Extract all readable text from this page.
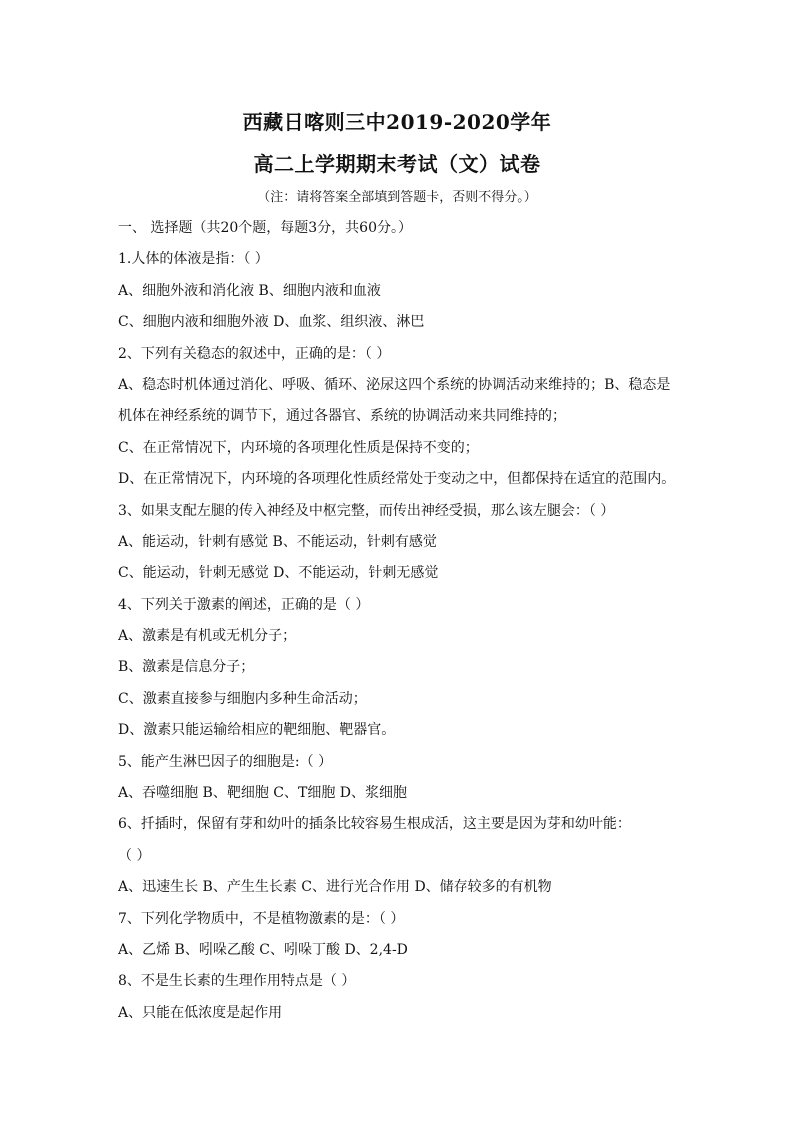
西藏日喀则三中2019-2020学年
高二上学期期末考试（文）试卷
（注：请将答案全部填到答题卡，否则不得分。）
一、 选择题（共20个题，每题3分，共60分。）
1.人体的体液是指：（ ）
A、细胞外液和消化液 B、细胞内液和血液
C、细胞内液和细胞外液 D、血浆、组织液、淋巴
2、下列有关稳态的叙述中，正确的是：（ ）
A、稳态时机体通过消化、呼吸、循环、泌尿这四个系统的协调活动来维持的；B、稳态是
机体在神经系统的调节下，通过各器官、系统的协调活动来共同维持的；
C、在正常情况下，内环境的各项理化性质是保持不变的；
D、在正常情况下，内环境的各项理化性质经常处于变动之中，但都保持在适宜的范围内。
3、如果支配左腿的传入神经及中枢完整，而传出神经受损，那么该左腿会：（ ）
A、能运动，针刺有感觉 B、不能运动，针刺有感觉
C、能运动，针刺无感觉 D、不能运动，针刺无感觉
4、下列关于激素的阐述，正确的是（ ）
A、激素是有机或无机分子；
B、激素是信息分子；
C、激素直接参与细胞内多种生命活动；
D、激素只能运输给相应的靶细胞、靶器官。
5、能产生淋巴因子的细胞是:（ ）
A、吞噬细胞 B、靶细胞 C、T细胞 D、浆细胞
6、扦插时，保留有芽和幼叶的插条比较容易生根成活，这主要是因为芽和幼叶能：
（ ）
A、迅速生长 B、产生生长素 C、进行光合作用 D、储存较多的有机物
7、下列化学物质中，不是植物激素的是：（ ）
A、乙烯 B、吲哚乙酸 C、吲哚丁酸 D、2,4-D
8、不是生长素的生理作用特点是（ ）
A、只能在低浓度是起作用
